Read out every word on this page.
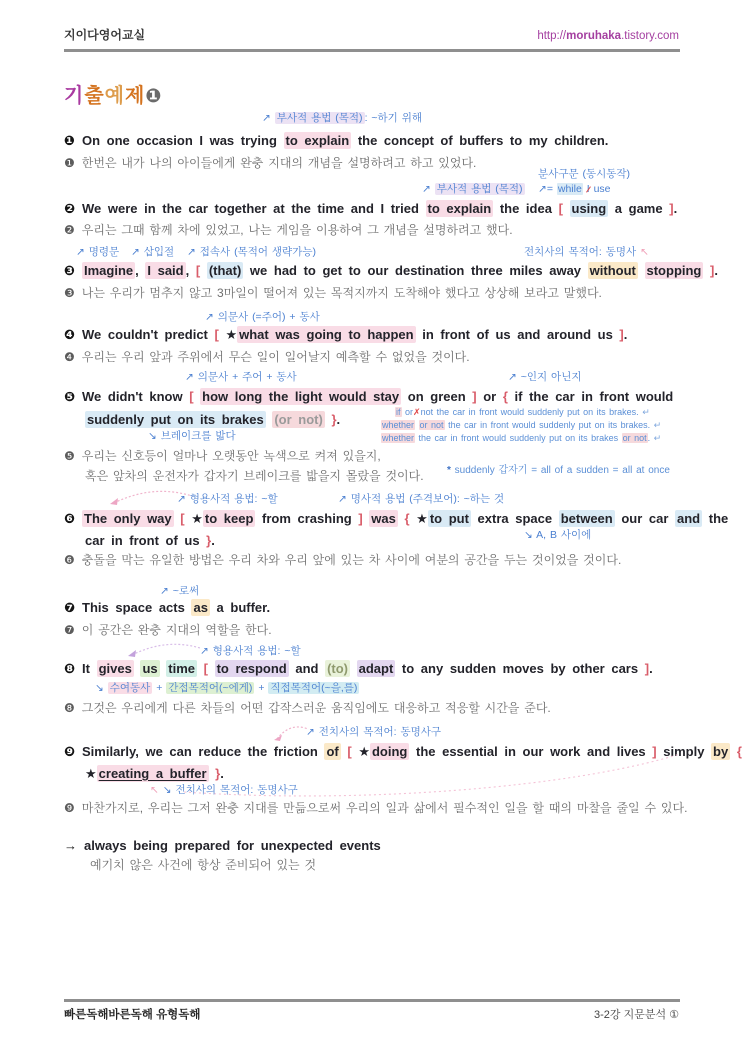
지이다영어교실	http://moruhaka.tistory.com
기출예제❶
↗ 부사적 용법 (목적) : ~하기 위해
❶ On one occasion I was trying to explain the concept of buffers to my children.
❶ 한번은 내가 나의 아이들에게 완충 지대의 개념을 설명하려고 하고 있었다.
분사구문 (동시동작)
↗ 부사적 용법 (목적) ↗= while I use
❷ We were in the car together at the time and I tried to explain the idea [ using a game ].
❷ 우리는 그때 함께 차에 있었고, 나는 게임을 이용하여 그 개념을 설명하려고 했다.
↗ 명령문 ↗ 삽입절 ↗ 접속사 (목적어 생략가능)	전치사의 목적어: 동명사 ↖
❸ Imagine , I said , [ (that) we had to get to our destination three miles away without stopping ].
❸ 나는 우리가 멈추지 않고 3마일이 떨어져 있는 목적지까지 도착해야 했다고 상상해 보라고 말했다.
↗ 의문사 (=주어) + 동사
❹ We couldn't predict [ ★ what was going to happen in front of us and around us ].
❹ 우리는 우리 앞과 주위에서 무슨 일이 일어날지 예측할 수 없었을 것이다.
↗ 의문사 + 주어 + 동사	↗ ~인지 아닌지
❺ We didn't know [ how long the light would stay on green ] or { if the car in front would
suddenly put on its brakes (or not) }.	if or✗not the car in front would suddenly put on its brakes. ↵
whether or not the car in front would suddenly put on its brakes. ↵
whether the car in front would suddenly put on its brakes or not. ↵
↘ 브레이크를 밟다
❺ 우리는 신호등이 얼마나 오랫동안 녹색으로 켜져 있을지,
혹은 앞차의 운전자가 갑자기 브레이크를 밟을지 몰랐을 것이다. * suddenly 갑자기 = all of a sudden = all at once
↗ 형용사적 용법: ~할	↗ 명사적 용법 (주격보어): ~하는 것
❻ The only way [ ★ to keep from crashing ] was { ★ to put extra space between our car and the
car in front of us }.	↘ A, B 사이에
❻ 충돌을 막는 유일한 방법은 우리 차와 우리 앞에 있는 차 사이에 여분의 공간을 두는 것이었을 것이다.
↗ ~로써
❼ This space acts as a buffer.
❼ 이 공간은 완충 지대의 역할을 한다.
↗ 형용사적 용법: ~할
❽ It gives us time [ to respond and (to) adapt to any sudden moves by other cars ].
↘ 수여동사 + 간접목적어(~에게) + 직접목적어(~을,를)
❽ 그것은 우리에게 다른 차들의 어떤 갑작스러운 움직임에도 대응하고 적응할 시간을 준다.
↗ 전치사의 목적어: 동명사구
❾ Similarly, we can reduce the friction of [ ★ doing the essential in our work and lives ] simply by {
★ creating a buffer }.
↖ ↘ 전치사의 목적어: 동명사구
❾ 마찬가지로, 우리는 그저 완충 지대를 만듦으로써 우리의 일과 삶에서 필수적인 일을 할 때의 마찰을 줄일 수 있다.
→ always being prepared for unexpected events
예기치 않은 사건에 항상 준비되어 있는 것
빠른독해바른독해 유형독해	3-2강 지문분석 ①
